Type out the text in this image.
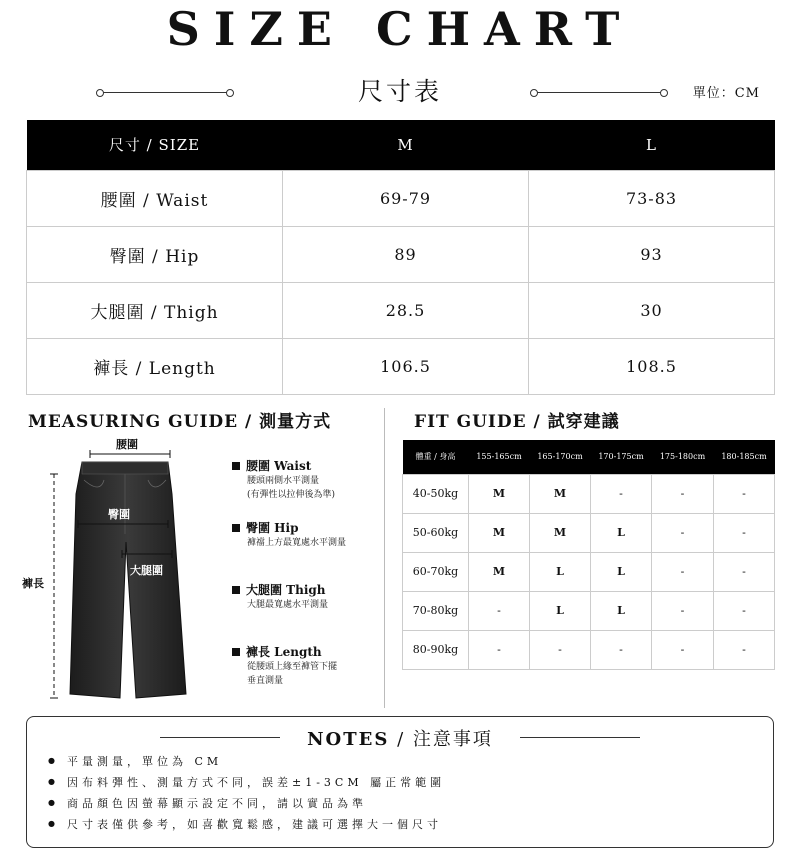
SIZE CHART
尺寸表	單位：CM
尺寸 / SIZE	M	L
腰圍 / Waist	69-79	73-83
臀圍 / Hip	89	93
大腿圍 / Thigh	28.5	30
褲長 / Length	106.5	108.5
MEASURING GUIDE / 測量方式	FIT GUIDE / 試穿建議
腰圍
臀圍
大腿圍
褲長
腰圍 Waist
腰頭兩側水平測量
(有彈性以拉伸後為準)
臀圍 Hip
褲襠上方最寬處水平測量
大腿圍 Thigh
大腿最寬處水平測量
褲長 Length
從腰頭上緣至褲管下擺
垂直測量
體重 / 身高	155-165cm	165-170cm	170-175cm	175-180cm	180-185cm
40-50kg	M	M	-	-	-
50-60kg	M	M	L	-	-
60-70kg	M	L	L	-	-
70-80kg	-	L	L	-	-
80-90kg	-	-	-	-	-
NOTES / 注意事項
● 平量測量，單位為 CM
● 因布料彈性、測量方式不同，誤差±1-3CM 屬正常範圍
● 商品顏色因螢幕顯示設定不同，請以實品為準
● 尺寸表僅供參考，如喜歡寬鬆感，建議可選擇大一個尺寸
